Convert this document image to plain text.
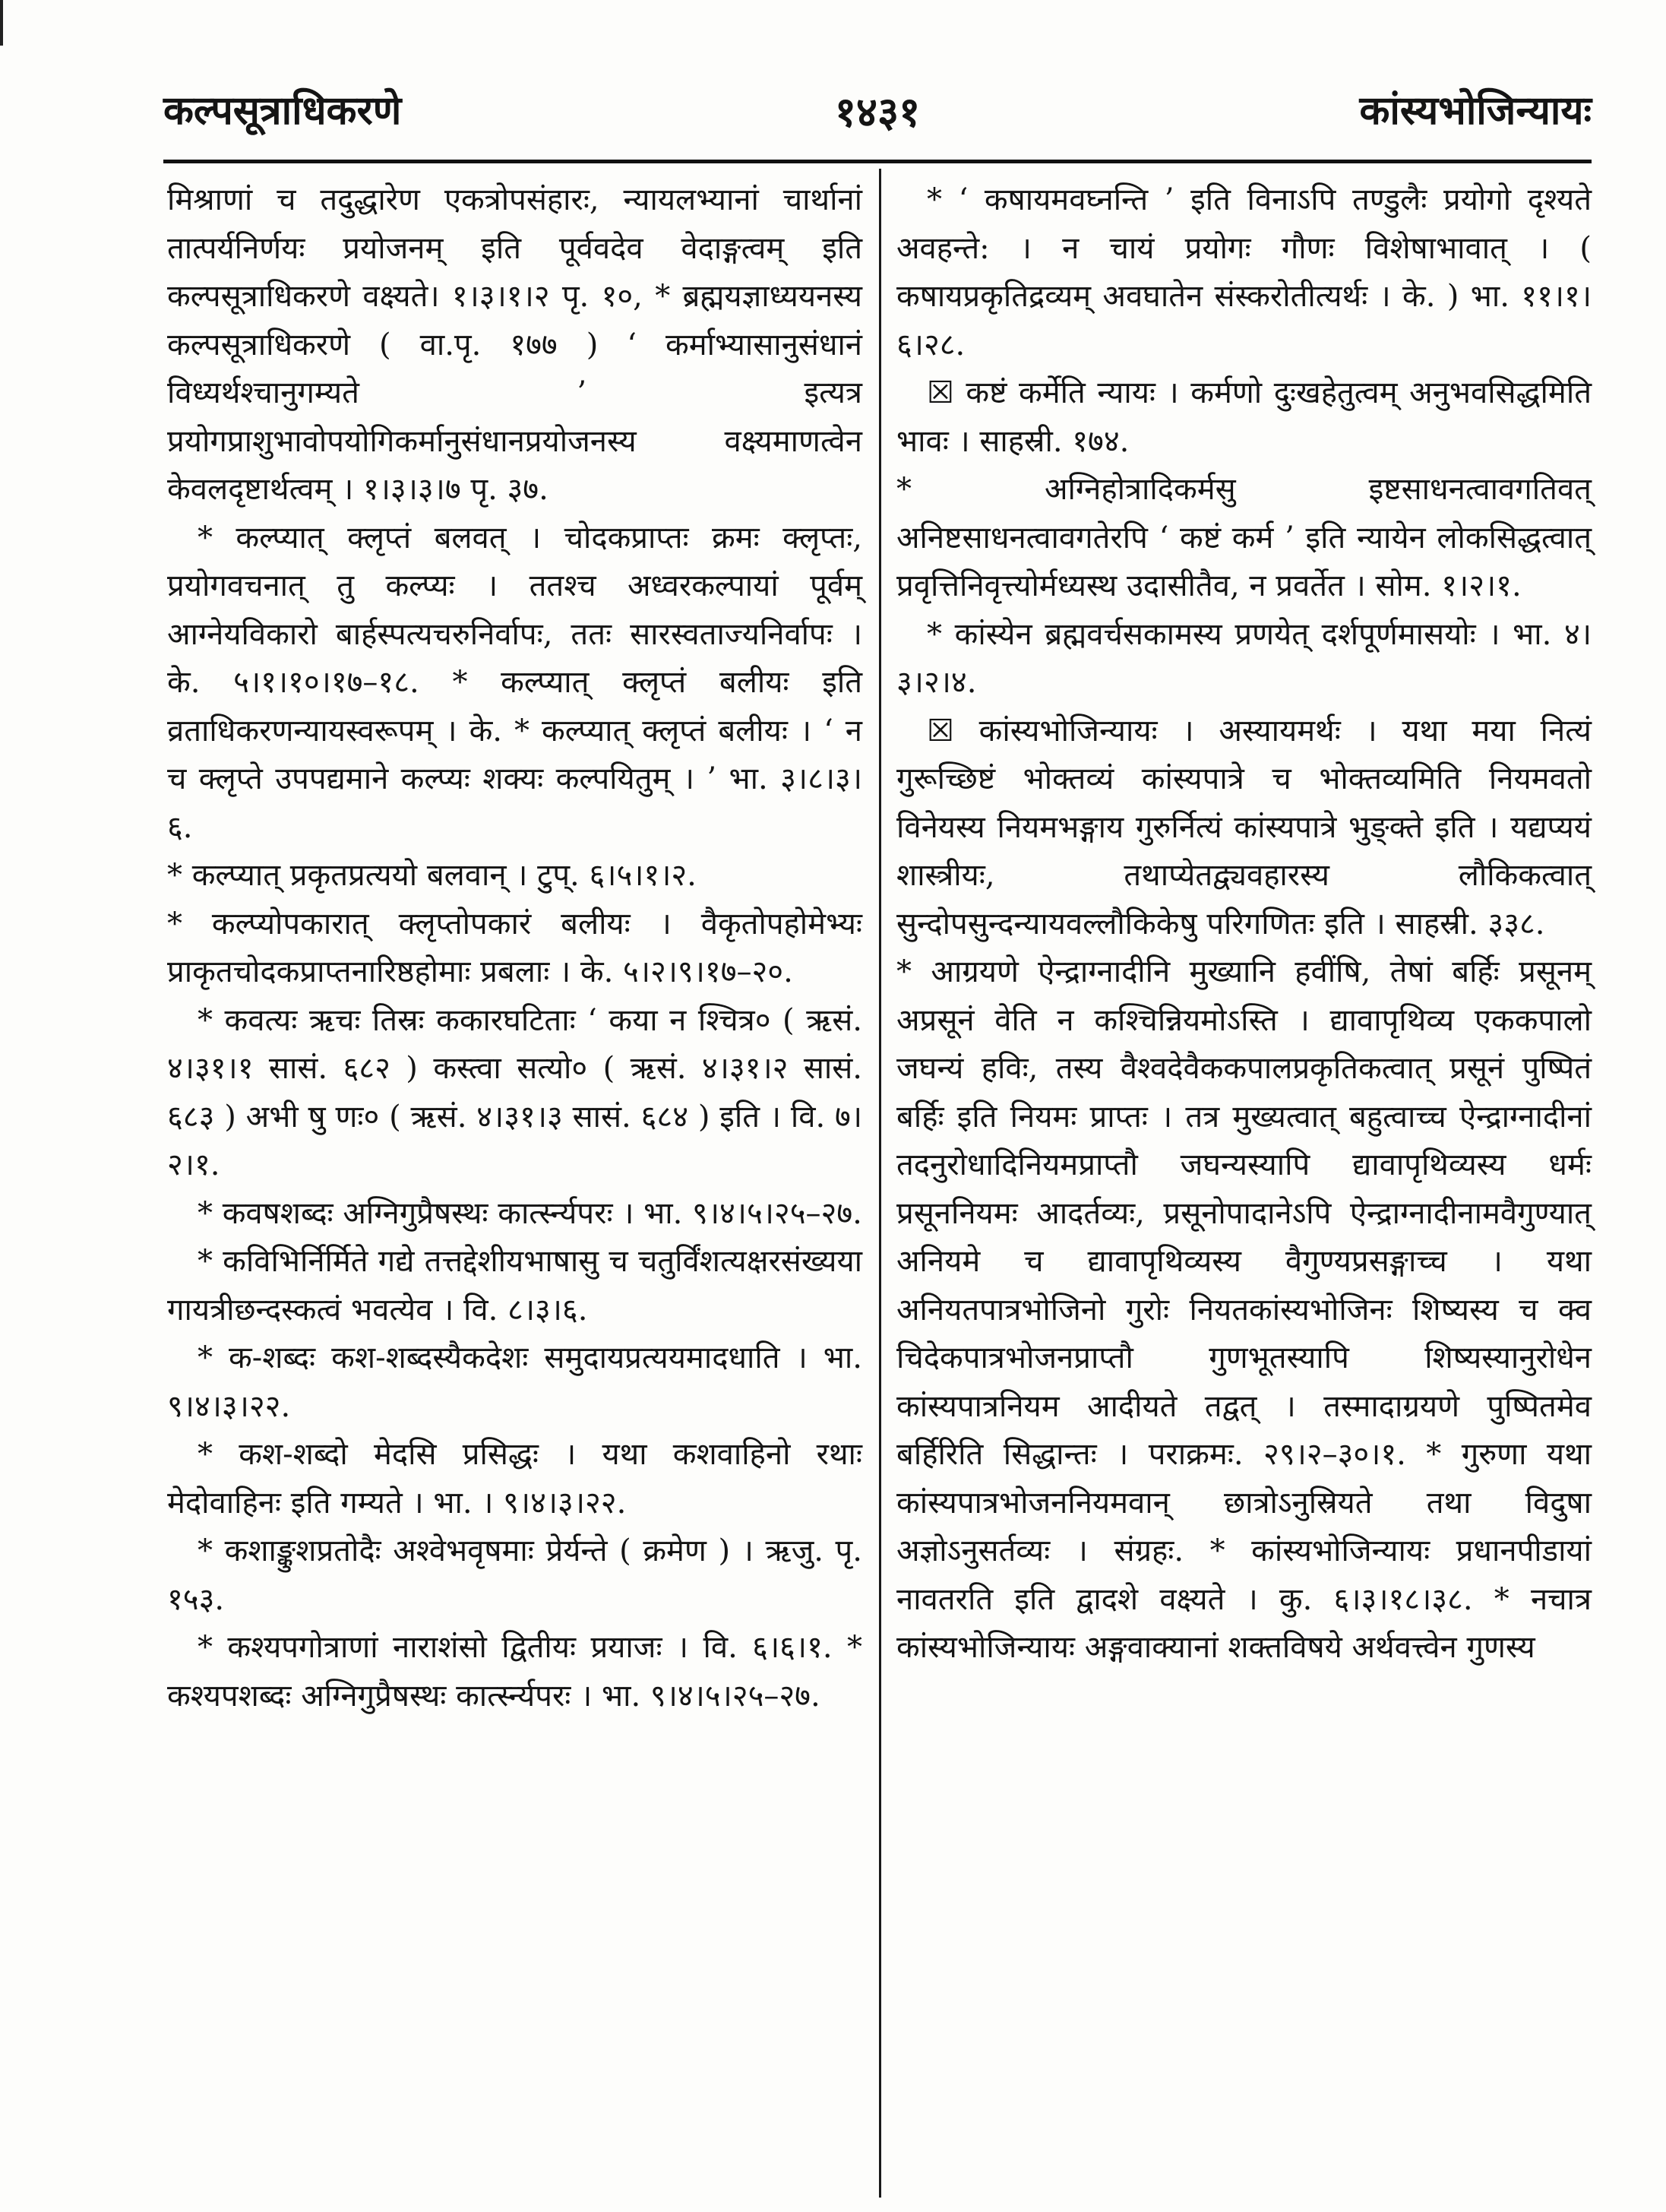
कल्पसूत्राधिकरणे	१४३१	कांस्यभोजिन्यायः

मिश्राणां च तदुद्धारेण एकत्रोपसंहारः, न्यायलभ्यानां चार्थानां तात्पर्यनिर्णयः प्रयोजनम् इति पूर्ववदेव वेदाङ्गत्वम् इति कल्पसूत्राधिकरणे वक्ष्यते। १।३।१।२ पृ. १०, * ब्रह्मयज्ञाध्ययनस्य कल्पसूत्राधिकरणे ( वा.पृ. १७७ ) ‘ कर्माभ्यासानुसंधानं विध्यर्थश्चानुगम्यते ’ इत्यत्र प्रयोगप्राशुभावोपयोगिकर्मानुसंधानप्रयोजनस्य वक्ष्यमाणत्वेन केवलदृष्टार्थत्वम् । १।३।३।७ पृ. ३७.

* कल्प्यात् क्लृप्तं बलवत् । चोदकप्राप्तः क्रमः क्लृप्तः, प्रयोगवचनात् तु कल्प्यः । ततश्च अध्वरकल्पायां पूर्वम् आग्नेयविकारो बार्हस्पत्यचरुनिर्वापः, ततः सारस्वताज्यनिर्वापः । के. ५।१।१०।१७–१८. * कल्प्यात् क्लृप्तं बलीयः इति व्रताधिकरणन्यायस्वरूपम् । के. * कल्प्यात् क्लृप्तं बलीयः । ‘ न च क्लृप्ते उपपद्यमाने कल्प्यः शक्यः कल्पयितुम् । ’ भा. ३।८।३।६.

* कल्प्यात् प्रकृतप्रत्ययो बलवान् । टुप्. ६।५।१।२.

* कल्प्योपकारात् क्लृप्तोपकारं बलीयः । वैकृतोपहोमेभ्यः प्राकृतचोदकप्राप्तनारिष्ठहोमाः प्रबलाः । के. ५।२।९।१७–२०.

* कवत्यः ऋचः तिस्रः ककारघटिताः ‘ कया न श्चित्र० ( ऋसं. ४।३१।१ सासं. ६८२ ) कस्त्वा सत्यो० ( ऋसं. ४।३१।२ सासं. ६८३ ) अभी षु णः० ( ऋसं. ४।३१।३ सासं. ६८४ ) इति । वि. ७।२।१.

* कवषशब्दः अग्निगुप्रैषस्थः कार्त्स्न्यपरः । भा. ९।४।५।२५–२७.

* कविभिर्निर्मिते गद्ये तत्तद्देशीयभाषासु च चतुर्विंशत्यक्षरसंख्यया गायत्रीछन्दस्कत्वं भवत्येव । वि. ८।३।६.

* क-शब्दः कश-शब्दस्यैकदेशः समुदायप्रत्ययमादधाति । भा. ९।४।३।२२.

* कश-शब्दो मेदसि प्रसिद्धः । यथा कशवाहिनो रथाः मेदोवाहिनः इति गम्यते । भा. । ९।४।३।२२.

* कशाङ्कुशप्रतोदैः अश्वेभवृषमाः प्रेर्यन्ते ( क्रमेण ) । ऋजु. पृ. १५३.

* कश्यपगोत्राणां नाराशंसो द्वितीयः प्रयाजः । वि. ६।६।१. * कश्यपशब्दः अग्निगुप्रैषस्थः कार्त्स्न्यपरः । भा. ९।४।५।२५–२७.

* ‘ कषायमवघ्नन्ति ’ इति विनाऽपि तण्डुलैः प्रयोगो दृश्यते अवहन्ते: । न चायं प्रयोगः गौणः विशेषाभावात् । ( कषायप्रकृतिद्रव्यम् अवघातेन संस्करोतीत्यर्थः । के. ) भा. ११।१।६।२८.

☒ कष्टं कर्मेति न्यायः । कर्मणो दुःखहेतुत्वम् अनुभवसिद्धमिति भावः । साहस्री. १७४.

* अग्निहोत्रादिकर्मसु इष्टसाधनत्वावगतिवत् अनिष्टसाधनत्वावगतेरपि ‘ कष्टं कर्म ’ इति न्यायेन लोकसिद्धत्वात् प्रवृत्तिनिवृत्त्योर्मध्यस्थ उदासीतैव, न प्रवर्तेत । सोम. १।२।१.

* कांस्येन ब्रह्मवर्चसकामस्य प्रणयेत् दर्शपूर्णमासयोः । भा. ४।३।२।४.

☒ कांस्यभोजिन्यायः । अस्यायमर्थः । यथा मया नित्यं गुरूच्छिष्टं भोक्तव्यं कांस्यपात्रे च भोक्तव्यमिति नियमवतो विनेयस्य नियमभङ्गाय गुरुर्नित्यं कांस्यपात्रे भुङ्क्ते इति । यद्यप्ययं शास्त्रीयः, तथाप्येतद्व्यवहारस्य लौकिकत्वात् सुन्दोपसुन्दन्यायवल्लौकिकेषु परिगणितः इति । साहस्री. ३३८.

* आग्रयणे ऐन्द्राग्नादीनि मुख्यानि हवींषि, तेषां बर्हिः प्रसूनम् अप्रसूनं वेति न कश्चिन्नियमोऽस्ति । द्यावापृथिव्य एककपालो जघन्यं हविः, तस्य वैश्वदेवैककपालप्रकृतिकत्वात् प्रसूनं पुष्पितं बर्हिः इति नियमः प्राप्तः । तत्र मुख्यत्वात् बहुत्वाच्च ऐन्द्राग्नादीनां तदनुरोधादिनियमप्राप्तौ जघन्यस्यापि द्यावापृथिव्यस्य धर्मः प्रसूननियमः आदर्तव्यः, प्रसूनोपादानेऽपि ऐन्द्राग्नादीनामवैगुण्यात् अनियमे च द्यावापृथिव्यस्य वैगुण्यप्रसङ्गाच्च । यथा अनियतपात्रभोजिनो गुरोः नियतकांस्यभोजिनः शिष्यस्य च क्व चिदेकपात्रभोजनप्राप्तौ गुणभूतस्यापि शिष्यस्यानुरोधेन कांस्यपात्रनियम आदीयते तद्वत् । तस्मादाग्रयणे पुष्पितमेव बर्हिरिति सिद्धान्तः । पराक्रमः. २९।२–३०।१. * गुरुणा यथा कांस्यपात्रभोजननियमवान् छात्रोऽनुस्रियते तथा विदुषा अज्ञोऽनुसर्तव्यः । संग्रहः. * कांस्यभोजिन्यायः प्रधानपीडायां नावतरति इति द्वादशे वक्ष्यते । कु. ६।३।१८।३८. * नचात्र कांस्यभोजिन्यायः अङ्गवाक्यानां शक्तविषये अर्थवत्त्वेन गुणस्य
